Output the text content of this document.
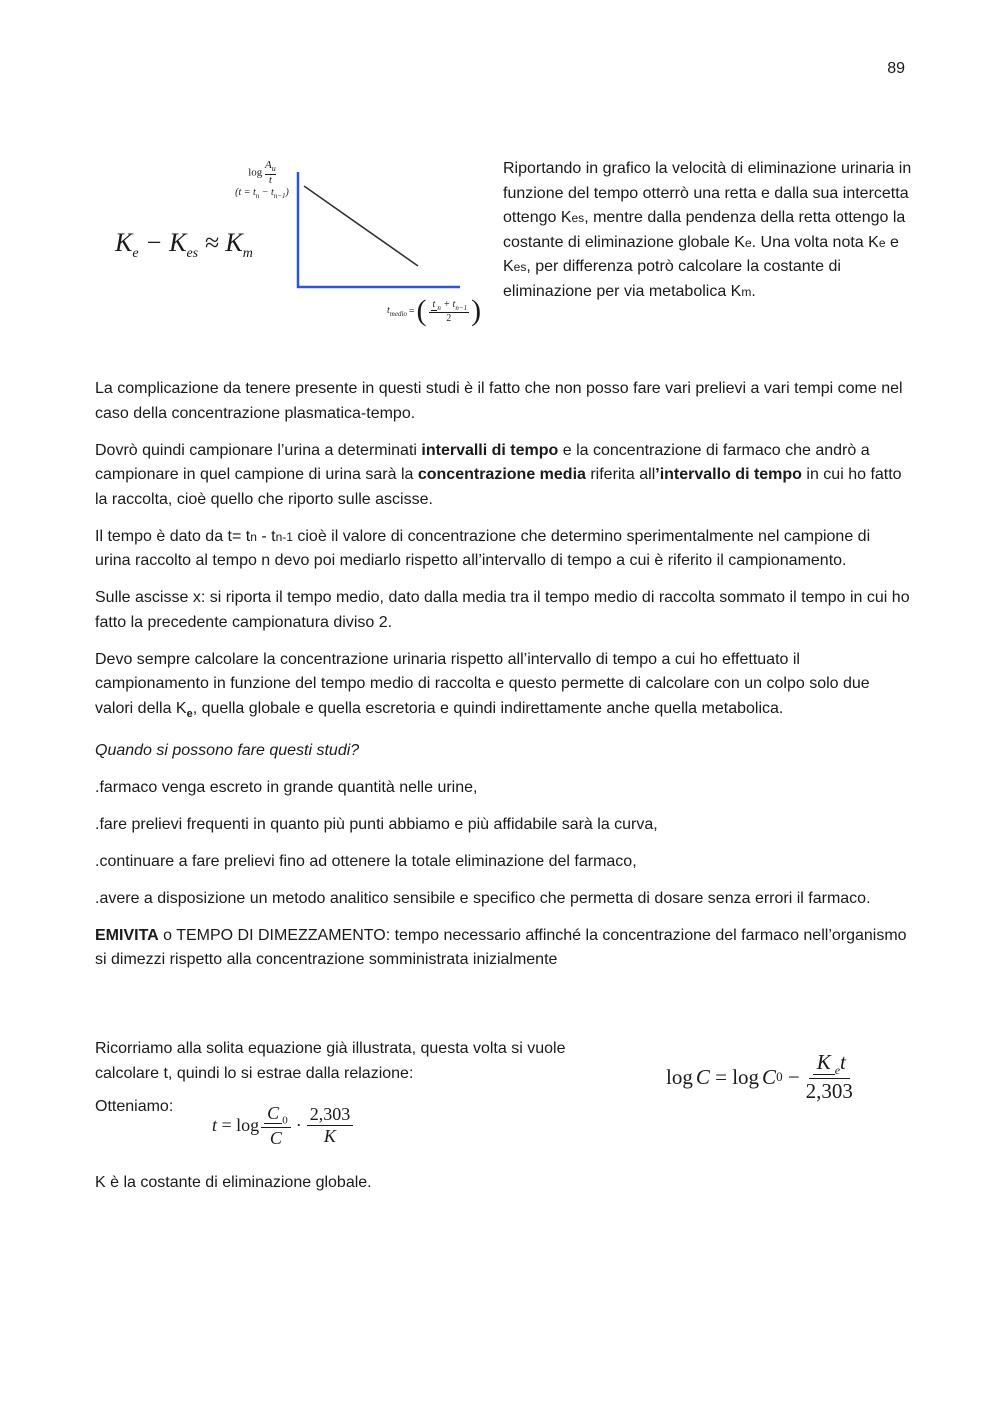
89
$\log \frac{A_u}{t}$
$(t = t_n - t_{n-1})$
$K_e - K_{es} \approx K_m$
$t_{medio}$ = ( $\frac{t _n + t_{n-1}}{2}$ )
Riportando in grafico la velocità di eliminazione urinaria in funzione del tempo otterrò una retta e dalla sua intercetta ottengo Kes, mentre dalla pendenza della retta ottengo la costante di eliminazione globale Ke. Una volta nota Ke e Kes, per differenza potrò calcolare la costante di eliminazione per via metabolica Km.

La complicazione da tenere presente in questi studi è il fatto che non posso fare vari prelievi a vari tempi come nel caso della concentrazione plasmatica-tempo.

Dovrò quindi campionare l’urina a determinati intervalli di tempo e la concentrazione di farmaco che andrò a campionare in quel campione di urina sarà la concentrazione media riferita all’intervallo di tempo in cui ho fatto la raccolta, cioè quello che riporto sulle ascisse.

Il tempo è dato da t= tn - tn-1 cioè il valore di concentrazione che determino sperimentalmente nel campione di urina raccolto al tempo n devo poi mediarlo rispetto all’intervallo di tempo a cui è riferito il campionamento.

Sulle ascisse x: si riporta il tempo medio, dato dalla media tra il tempo medio di raccolta sommato il tempo in cui ho fatto la precedente campionatura diviso 2.

Devo sempre calcolare la concentrazione urinaria rispetto all’intervallo di tempo a cui ho effettuato il campionamento in funzione del tempo medio di raccolta e questo permette di calcolare con un colpo solo due valori della $K_e$, quella globale e quella escretoria e quindi indirettamente anche quella metabolica.

Quando si possono fare questi studi?

.farmaco venga escreto in grande quantità nelle urine,

.fare prelievi frequenti in quanto più punti abbiamo e più affidabile sarà la curva,

.continuare a fare prelievi fino ad ottenere la totale eliminazione del farmaco,

.avere a disposizione un metodo analitico sensibile e specifico che permetta di dosare senza errori il farmaco.

EMIVITA o TEMPO DI DIMEZZAMENTO: tempo necessario affinché la concentrazione del farmaco nell’organismo si dimezzi rispetto alla concentrazione somministrata inizialmente

Ricorriamo alla solita equazione già illustrata, questa volta si vuole calcolare t, quindi lo si estrae dalla relazione:	log C = log C $0 - \frac{K _et}{2,303}$
Otteniamo:
$t = \log \frac{C _0}{C} \cdot \frac{2,303}{K}$
K è la costante di eliminazione globale.
